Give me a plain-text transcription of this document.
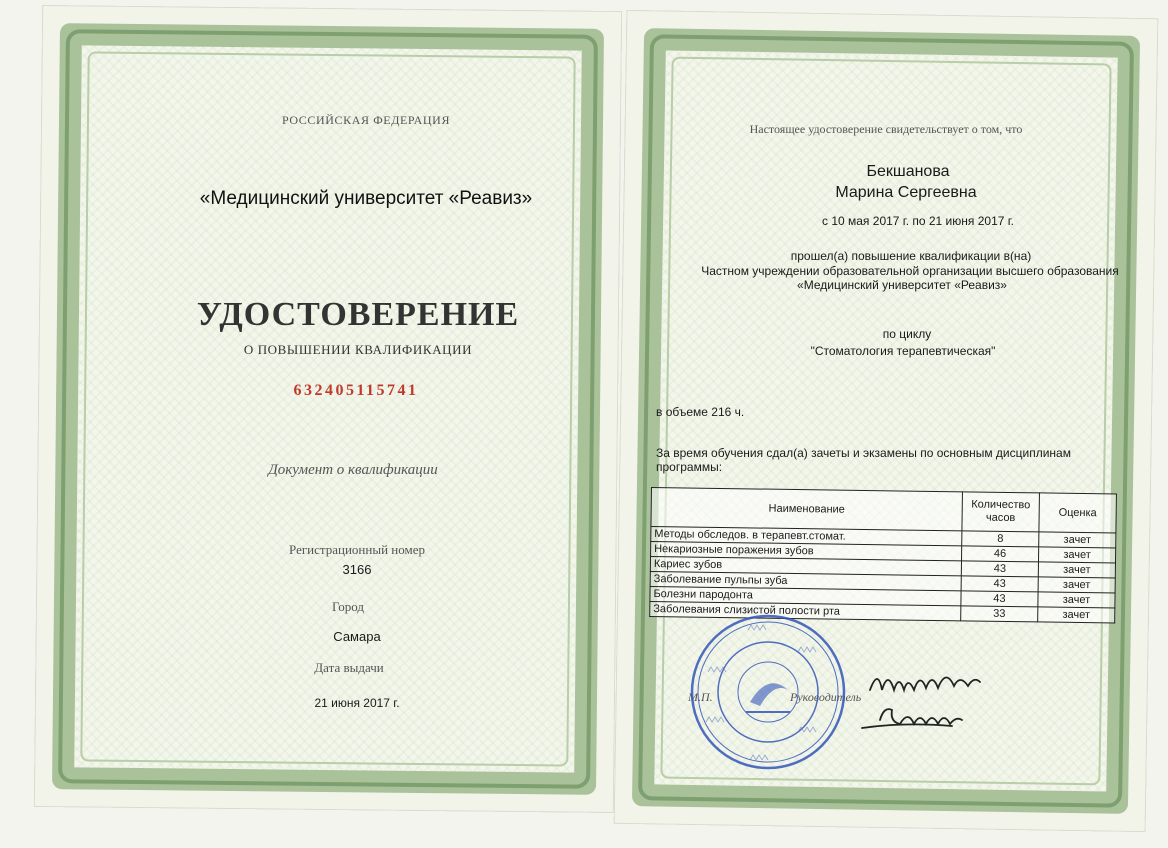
РОССИЙСКАЯ ФЕДЕРАЦИЯ
«Медицинский университет «Реавиз»
УДОСТОВЕРЕНИЕ
О ПОВЫШЕНИИ КВАЛИФИКАЦИИ
632405115741
Документ о квалификации
Регистрационный номер
3166
Город
Самара
Дата выдачи
21 июня 2017 г.
Настоящее удостоверение свидетельствует о том, что
Бекшанова
Марина Сергеевна
с 10 мая 2017 г. по 21 июня 2017 г.
прошел(а) повышение квалификации в(на)
Частном учреждении образовательной организации высшего образования
«Медицинский университет «Реавиз»
по циклу
"Стоматология терапевтическая"
в объеме 216 ч.
За время обучения сдал(а) зачеты и экзамены по основным дисциплинам
программы:
Наименование	Количество часов	Оценка
Методы обследов. в терапевт.стомат.	8	зачет
Некариозные поражения зубов	46	зачет
Кариес зубов	43	зачет
Заболевание пульпы зуба	43	зачет
Болезни пародонта	43	зачет
Заболевания слизистой полости рта	33	зачет
М.П.	Руководитель
